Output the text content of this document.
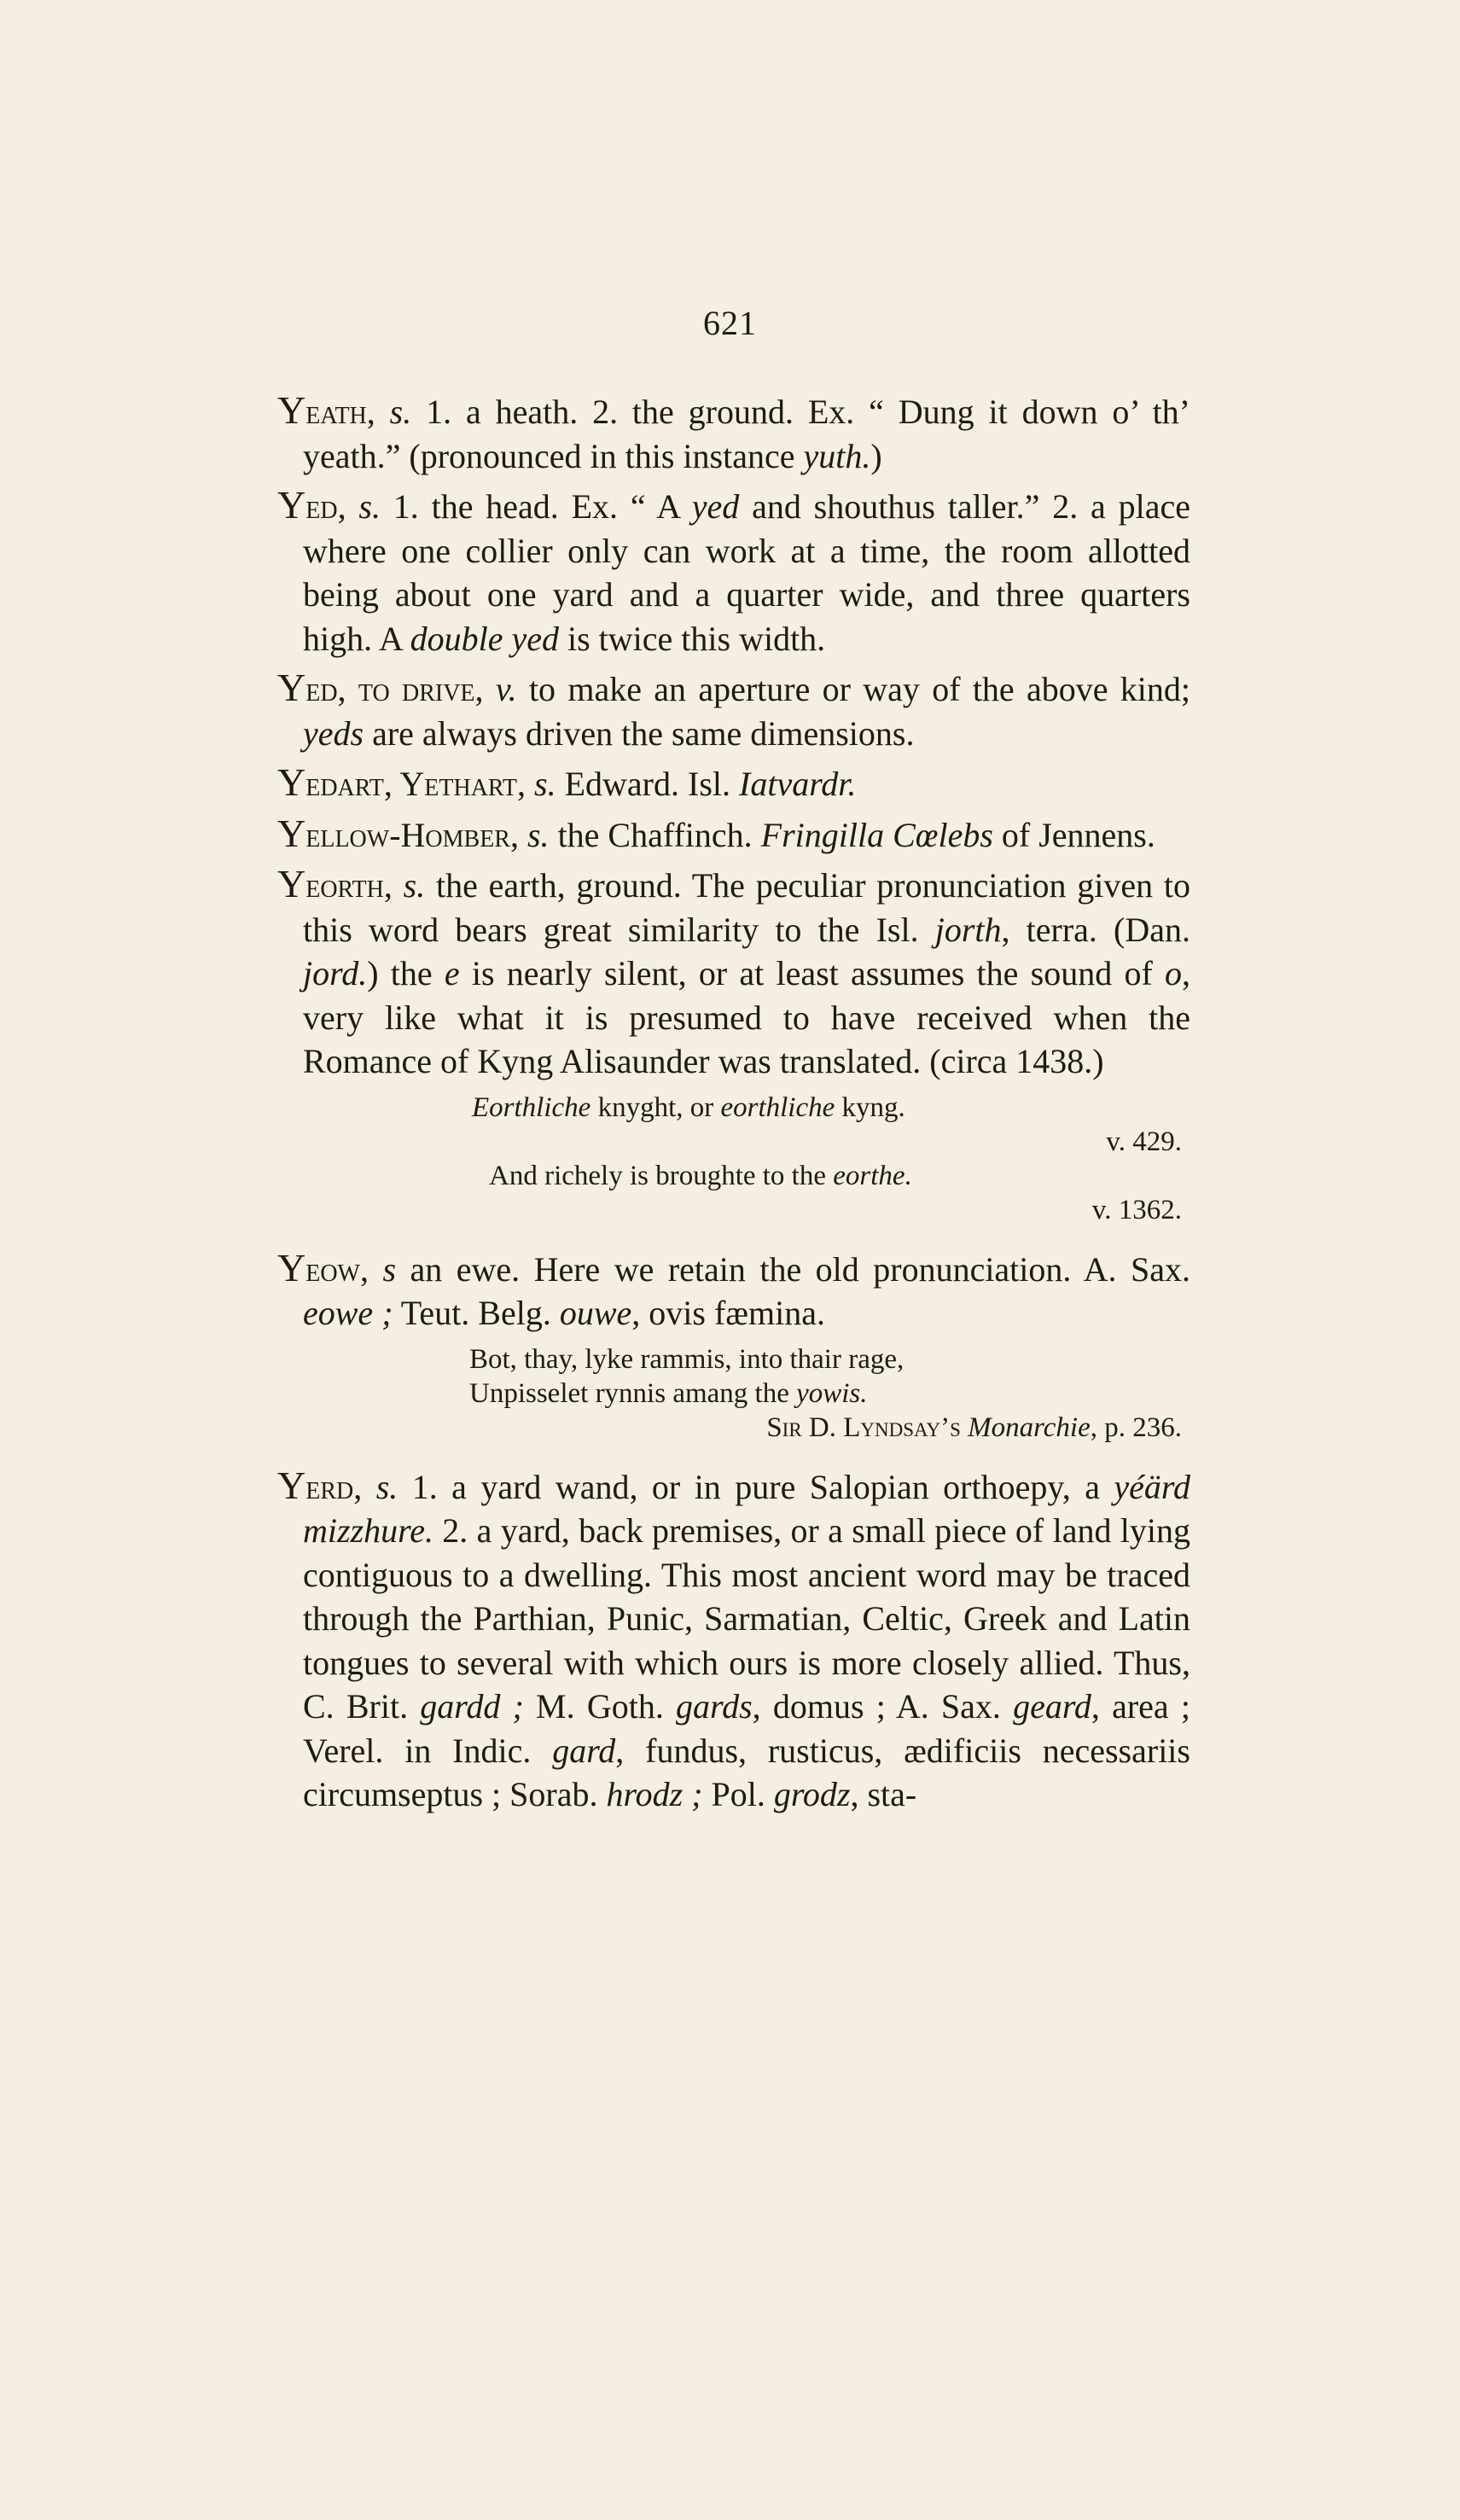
621

Yeath, s. 1. a heath. 2. the ground. Ex. “ Dung it down o’ th’ yeath.” (pronounced in this instance yuth.)

Yed, s. 1. the head. Ex. “ A yed and shouthus taller.” 2. a place where one collier only can work at a time, the room allotted being about one yard and a quarter wide, and three quarters high. A double yed is twice this width.

Yed, to drive, v. to make an aperture or way of the above kind; yeds are always driven the same dimensions.

Yedart, Yethart, s. Edward. Isl. Iatvardr.

Yellow-Homber, s. the Chaffinch. Fringilla Cœlebs of Jennens.

Yeorth, s. the earth, ground. The peculiar pronunciation given to this word bears great similarity to the Isl. jorth, terra. (Dan. jord.) the e is nearly silent, or at least assumes the sound of o, very like what it is presumed to have received when the Romance of Kyng Alisaunder was translated. (circa 1438.)

Eorthliche knyght, or eorthliche kyng.
v. 429.
And richely is broughte to the eorthe.
v. 1362.

Yeow, s an ewe. Here we retain the old pronunciation. A. Sax. eowe ; Teut. Belg. ouwe, ovis fæmina.

Bot, thay, lyke rammis, into thair rage,
Unpisselet rynnis amang the yowis.
Sir D. Lyndsay’s Monarchie, p. 236.

Yerd, s. 1. a yard wand, or in pure Salopian orthoepy, a yéärd mizzhure. 2. a yard, back premises, or a small piece of land lying contiguous to a dwelling. This most ancient word may be traced through the Parthian, Punic, Sarmatian, Celtic, Greek and Latin tongues to several with which ours is more closely allied. Thus, C. Brit. gardd ; M. Goth. gards, domus ; A. Sax. geard, area ; Verel. in Indic. gard, fundus, rusticus, ædificiis necessariis circumseptus ; Sorab. hrodz ; Pol. grodz, sta-
